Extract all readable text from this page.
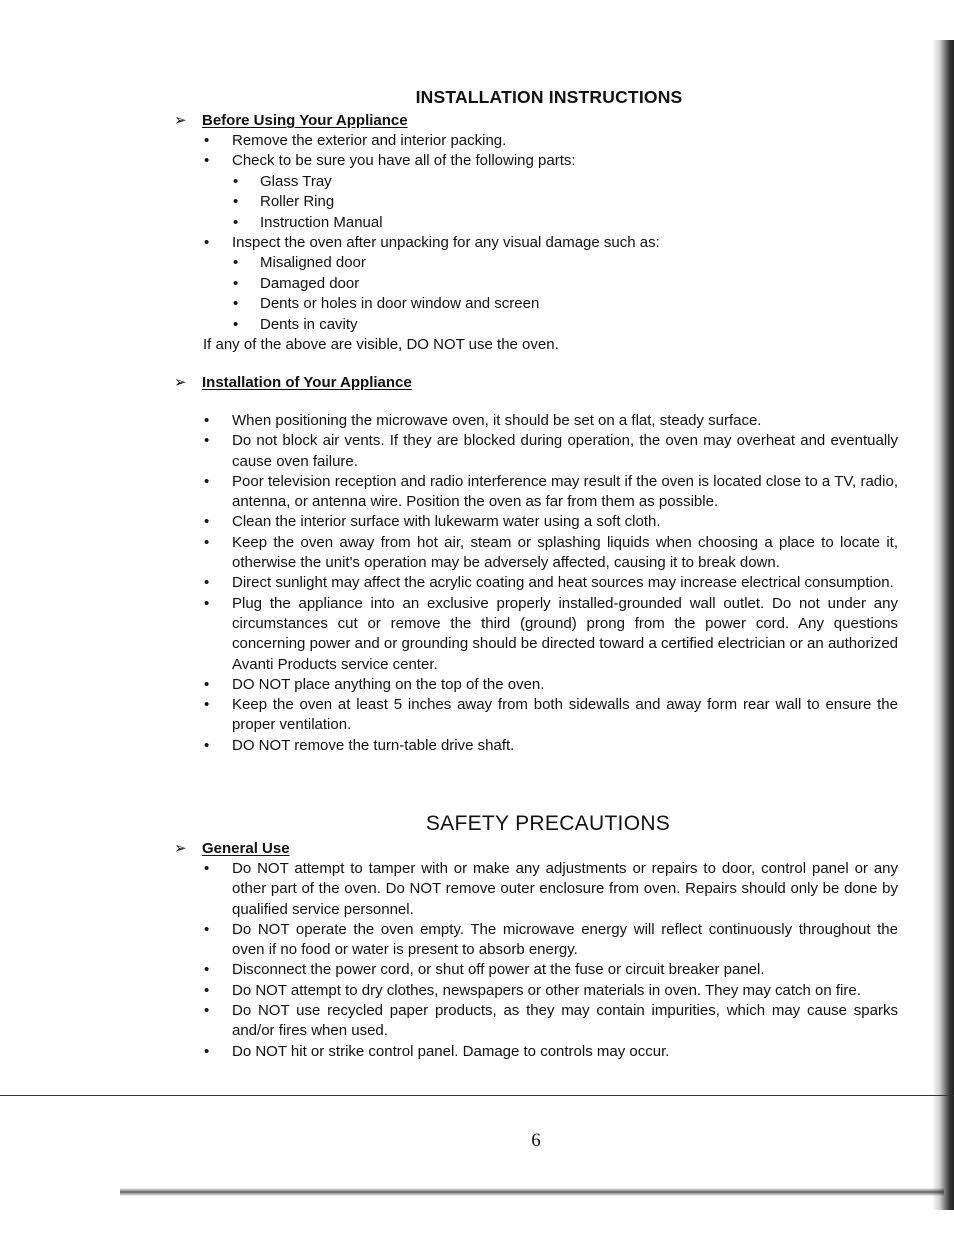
INSTALLATION INSTRUCTIONS

➢ Before Using Your Appliance

• Remove the exterior and interior packing.
• Check to be sure you have all of the following parts:
• Glass Tray
• Roller Ring
• Instruction Manual
• Inspect the oven after unpacking for any visual damage such as:
• Misaligned door
• Damaged door
• Dents or holes in door window and screen
• Dents in cavity

If any of the above are visible, DO NOT use the oven.

➢ Installation of Your Appliance

• When positioning the microwave oven, it should be set on a flat, steady surface.
• Do not block air vents. If they are blocked during operation, the oven may overheat and eventually cause oven failure.
• Poor television reception and radio interference may result if the oven is located close to a TV, radio, antenna, or antenna wire. Position the oven as far from them as possible.
• Clean the interior surface with lukewarm water using a soft cloth.
• Keep the oven away from hot air, steam or splashing liquids when choosing a place to locate it, otherwise the unit's operation may be adversely affected, causing it to break down.
• Direct sunlight may affect the acrylic coating and heat sources may increase electrical consumption.
• Plug the appliance into an exclusive properly installed-grounded wall outlet. Do not under any circumstances cut or remove the third (ground) prong from the power cord. Any questions concerning power and or grounding should be directed toward a certified electrician or an authorized Avanti Products service center.
• DO NOT place anything on the top of the oven.
• Keep the oven at least 5 inches away from both sidewalls and away form rear wall to ensure the proper ventilation.
• DO NOT remove the turn-table drive shaft.
SAFETY PRECAUTIONS

➢ General Use

• Do NOT attempt to tamper with or make any adjustments or repairs to door, control panel or any other part of the oven. Do NOT remove outer enclosure from oven. Repairs should only be done by qualified service personnel.
• Do NOT operate the oven empty. The microwave energy will reflect continuously throughout the oven if no food or water is present to absorb energy.
• Disconnect the power cord, or shut off power at the fuse or circuit breaker panel.
• Do NOT attempt to dry clothes, newspapers or other materials in oven. They may catch on fire.
• Do NOT use recycled paper products, as they may contain impurities, which may cause sparks and/or fires when used.
• Do NOT hit or strike control panel. Damage to controls may occur.
6
